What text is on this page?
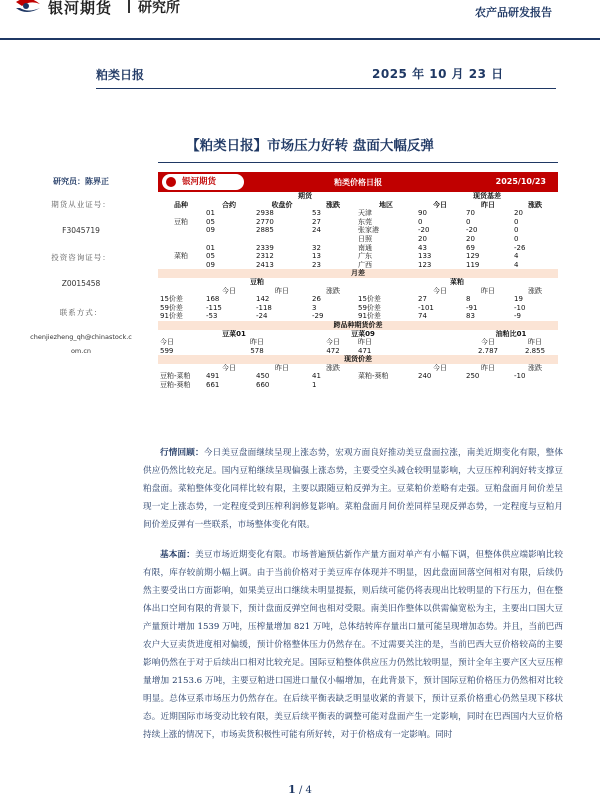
银河期货 研究所	农产品研发报告
粕类日报	2025 年 10 月 23 日
【粕类日报】市场压力好转 盘面大幅反弹
研究员：陈界正
期货从业证号：
F3045719
投资咨询证号：
Z0015458
联系方式：
chenjiezheng_qh@chinastock.c
om.cn
银河期货	粕类价格日报	2025/10/23
		期货			现货基差		
品种	合约	收盘价	涨跌	地区	今日	昨日	涨跌
	01	2938	53	天津	90	70	20
豆粕	05	2770	27	东莞	0	0	0
	09	2885	24	张家港	-20	-20	0
				日照	20	20	0
	01	2339	32	南通	43	69	-26
菜粕	05	2312	13	广东	133	129	4
	09	2413	23	广西	123	119	4
月差							
豆粕				菜粕			
	今日	昨日	涨跌		今日	昨日	涨跌
15价差	168	142	26	15价差	27	8	19
59价差	-115	-118	3	59价差	-101	-91	-10
91价差	-53	-24	-29	91价差	74	83	-9
跨品种期货价差							
豆菜01			豆菜09			油粕比01	
今日	昨日		今日	昨日		今日	昨日
599	578		472	471		2.787	2.855
现货价差							
	今日	昨日	涨跌		今日	昨日	涨跌
豆粕-菜粕	491	450	41	菜粕-葵粕	240	250	-10
豆粕-葵粕	661	660	1				

行情回顾：今日美豆盘面继续呈现上涨态势，宏观方面良好推动美豆盘面拉涨，南美近期变化有限，整体供应仍然比较充足。国内豆粕继续呈现偏强上涨态势，主要受空头减仓较明显影响，大豆压榨利润好转支撑豆粕盘面。菜粕整体变化同样比较有限，主要以跟随豆粕反弹为主。豆菜粕价差略有走强。豆粕盘面月间价差呈现一定上涨态势，一定程度受到压榨利润修复影响。菜粕盘面月间价差同样呈现反弹态势，一定程度与豆粕月间价差反弹有一些联系，市场整体变化有限。

基本面：美豆市场近期变化有限。市场普遍预估新作产量方面对单产有小幅下调，但整体供应端影响比较有限，库存较前期小幅上调。由于当前价格对于美豆库存体现并不明显，因此盘面回落空间相对有限，后续仍然主要受出口方面影响，如果美豆出口继续未明显提振，则后续可能仍将表现出比较明显的下行压力，但在整体出口空间有限的背景下，预计盘面反弹空间也相对受限。南美旧作整体以供需偏宽松为主，主要出口国大豆产量预计增加 1539 万吨，压榨量增加 821 万吨，总体结转库存量出口量可能呈现增加态势。并且，当前巴西农户大豆卖货进度相对偏缓，预计价格整体压力仍然存在。不过需要关注的是，当前巴西大豆价格较高的主要影响仍然在于对于后续出口相对比较充足。国际豆粕整体供应压力仍然比较明显，预计全年主要产区大豆压榨量增加 2153.6 万吨，主要豆粕进口国进口量仅小幅增加，在此背景下，预计国际豆粕价格压力仍然相对比较明显。总体豆系市场压力仍然存在。在后续平衡表缺乏明显收紧的背景下，预计豆系价格重心仍然呈现下移状态。近期国际市场变动比较有限，美豆后续平衡表的调整可能对盘面产生一定影响，同时在巴西国内大豆价格持续上涨的情况下，市场卖货积极性可能有所好转，对于价格成有一定影响。同时

1 / 4
